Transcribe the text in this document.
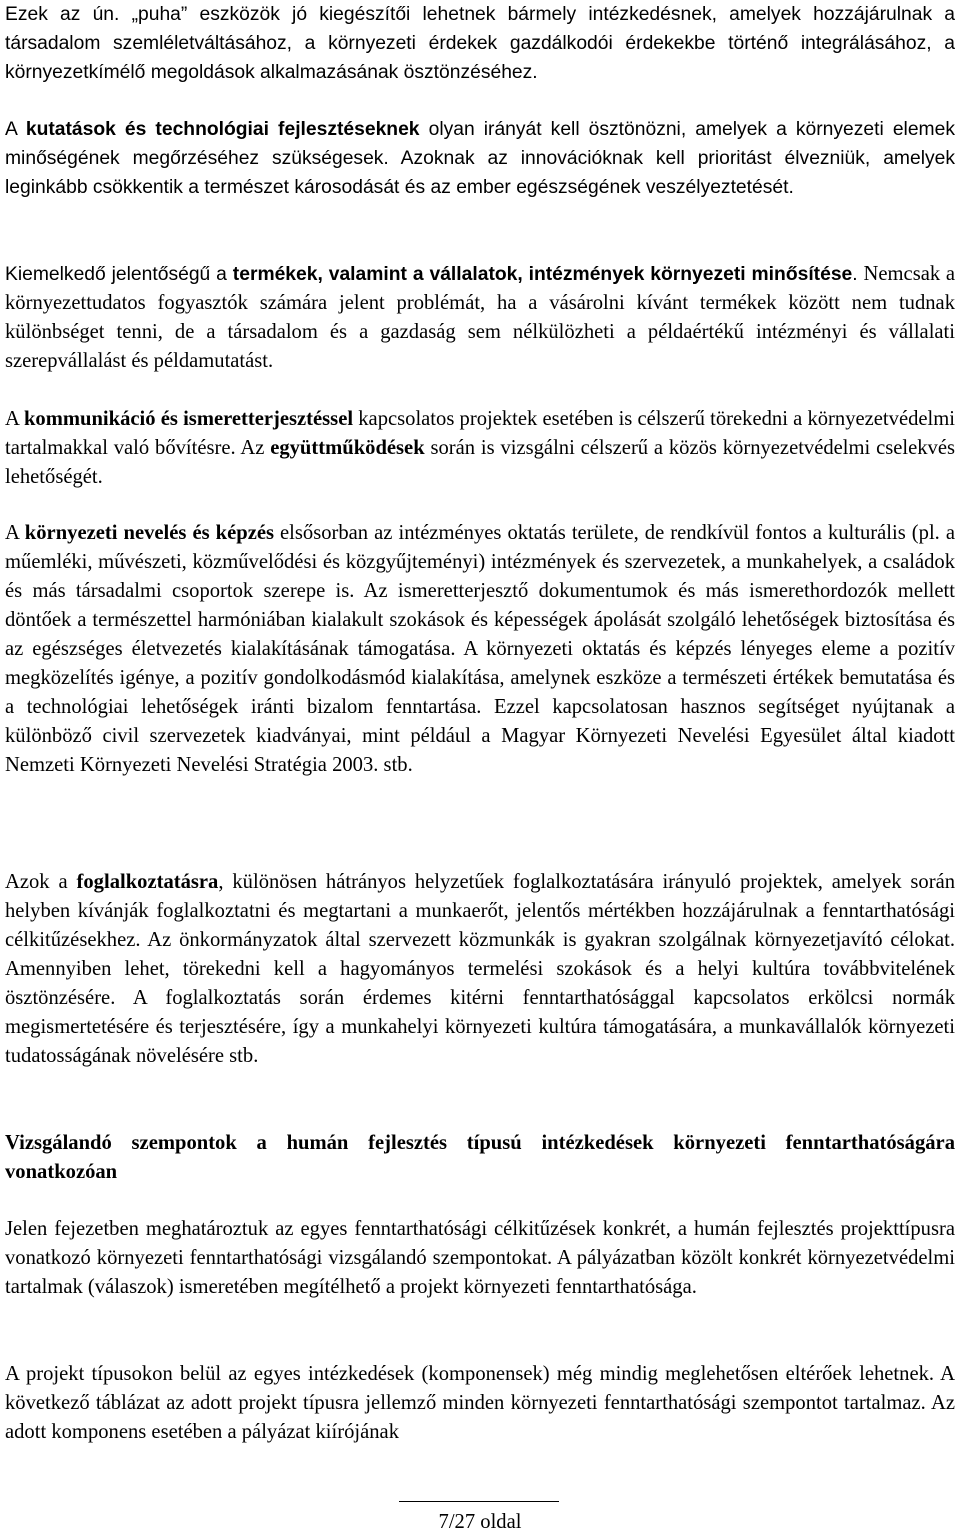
Ezek az ún. „puha” eszközök jó kiegészítői lehetnek bármely intézkedésnek, amelyek hozzájárulnak a társadalom szemléletváltásához, a környezeti érdekek gazdálkodói érdekekbe történő integrálásához, a környezetkímélő megoldások alkalmazásának ösztönzéséhez.

A kutatások és technológiai fejlesztéseknek olyan irányát kell ösztönözni, amelyek a környezeti elemek minőségének megőrzéséhez szükségesek. Azoknak az innovációknak kell prioritást élvezniük, amelyek leginkább csökkentik a természet károsodását és az ember egészségének veszélyeztetését.

Kiemelkedő jelentőségű a termékek, valamint a vállalatok, intézmények környezeti minősítése. Nemcsak a környezettudatos fogyasztók számára jelent problémát, ha a vásárolni kívánt termékek között nem tudnak különbséget tenni, de a társadalom és a gazdaság sem nélkülözheti a példaértékű intézményi és vállalati szerepvállalást és példamutatást.

A kommunikáció és ismeretterjesztéssel kapcsolatos projektek esetében is célszerű törekedni a környezetvédelmi tartalmakkal való bővítésre. Az együttműködések során is vizsgálni célszerű a közös környezetvédelmi cselekvés lehetőségét.

A környezeti nevelés és képzés elsősorban az intézményes oktatás területe, de rendkívül fontos a kulturális (pl. a műemléki, művészeti, közművelődési és közgyűjteményi) intézmények és szervezetek, a munkahelyek, a családok és más társadalmi csoportok szerepe is. Az ismeretterjesztő dokumentumok és más ismerethordozók mellett döntőek a természettel harmóniában kialakult szokások és képességek ápolását szolgáló lehetőségek biztosítása és az egészséges életvezetés kialakításának támogatása. A környezeti oktatás és képzés lényeges eleme a pozitív megközelítés igénye, a pozitív gondolkodásmód kialakítása, amelynek eszköze a természeti értékek bemutatása és a technológiai lehetőségek iránti bizalom fenntartása. Ezzel kapcsolatosan hasznos segítséget nyújtanak a különböző civil szervezetek kiadványai, mint például a Magyar Környezeti Nevelési Egyesület által kiadott Nemzeti Környezeti Nevelési Stratégia 2003. stb.

Azok a foglalkoztatásra, különösen hátrányos helyzetűek foglalkoztatására irányuló projektek, amelyek során helyben kívánják foglalkoztatni és megtartani a munkaerőt, jelentős mértékben hozzájárulnak a fenntarthatósági célkitűzésekhez. Az önkormányzatok által szervezett közmunkák is gyakran szolgálnak környezetjavító célokat. Amennyiben lehet, törekedni kell a hagyományos termelési szokások és a helyi kultúra továbbvitelének ösztönzésére. A foglalkoztatás során érdemes kitérni fenntarthatósággal kapcsolatos erkölcsi normák megismertetésére és terjesztésére, így a munkahelyi környezeti kultúra támogatására, a munkavállalók környezeti tudatosságának növelésére stb.

Vizsgálandó szempontok a humán fejlesztés típusú intézkedések környezeti fenntarthatóságára vonatkozóan

Jelen fejezetben meghatároztuk az egyes fenntarthatósági célkitűzések konkrét, a humán fejlesztés projekttípusra vonatkozó környezeti fenntarthatósági vizsgálandó szempontokat. A pályázatban közölt konkrét környezetvédelmi tartalmak (válaszok) ismeretében megítélhető a projekt környezeti fenntarthatósága.

A projekt típusokon belül az egyes intézkedések (komponensek) még mindig meglehetősen eltérőek lehetnek. A következő táblázat az adott projekt típusra jellemző minden környezeti fenntarthatósági szempontot tartalmaz. Az adott komponens esetében a pályázat kiírójának

7/27 oldal
